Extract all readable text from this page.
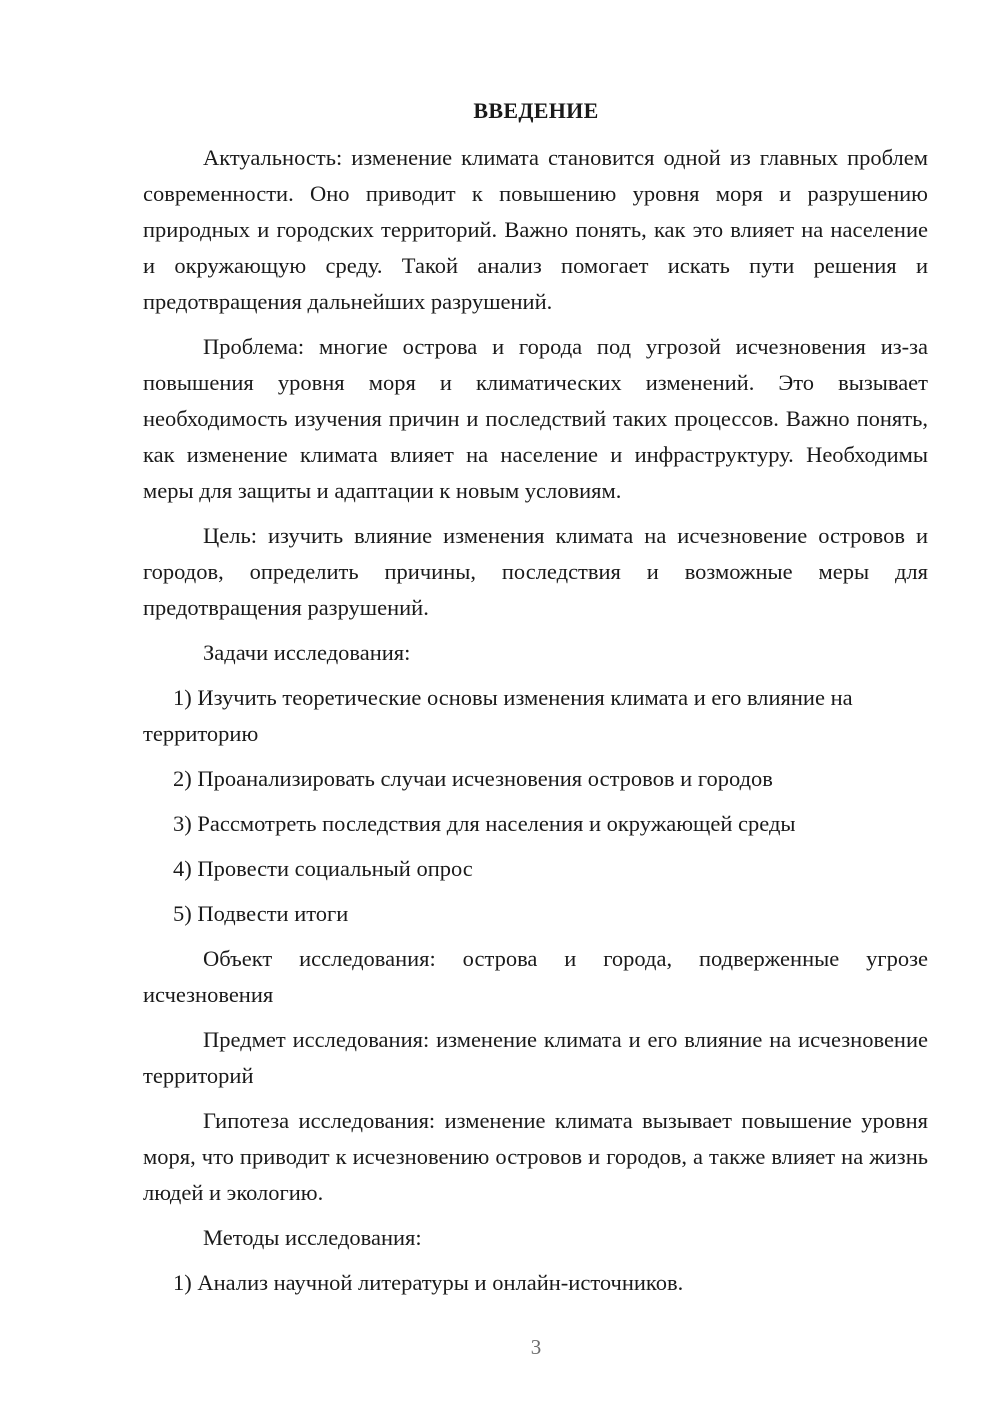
ВВЕДЕНИЕ

Актуальность: изменение климата становится одной из главных проблем современности. Оно приводит к повышению уровня моря и разрушению природных и городских территорий. Важно понять, как это влияет на население и окружающую среду. Такой анализ помогает искать пути решения и предотвращения дальнейших разрушений.

Проблема: многие острова и города под угрозой исчезновения из-за повышения уровня моря и климатических изменений. Это вызывает необходимость изучения причин и последствий таких процессов. Важно понять, как изменение климата влияет на население и инфраструктуру. Необходимы меры для защиты и адаптации к новым условиям.

Цель: изучить влияние изменения климата на исчезновение островов и городов, определить причины, последствия и возможные меры для предотвращения разрушений.

Задачи исследования:

1) Изучить теоретические основы изменения климата и его влияние на территорию

2) Проанализировать случаи исчезновения островов и городов

3) Рассмотреть последствия для населения и окружающей среды

4) Провести социальный опрос

5) Подвести итоги

Объект исследования: острова и города, подверженные угрозе исчезновения

Предмет исследования: изменение климата и его влияние на исчезновение территорий

Гипотеза исследования: изменение климата вызывает повышение уровня моря, что приводит к исчезновению островов и городов, а также влияет на жизнь людей и экологию.

Методы исследования:

1) Анализ научной литературы и онлайн-источников.

3
